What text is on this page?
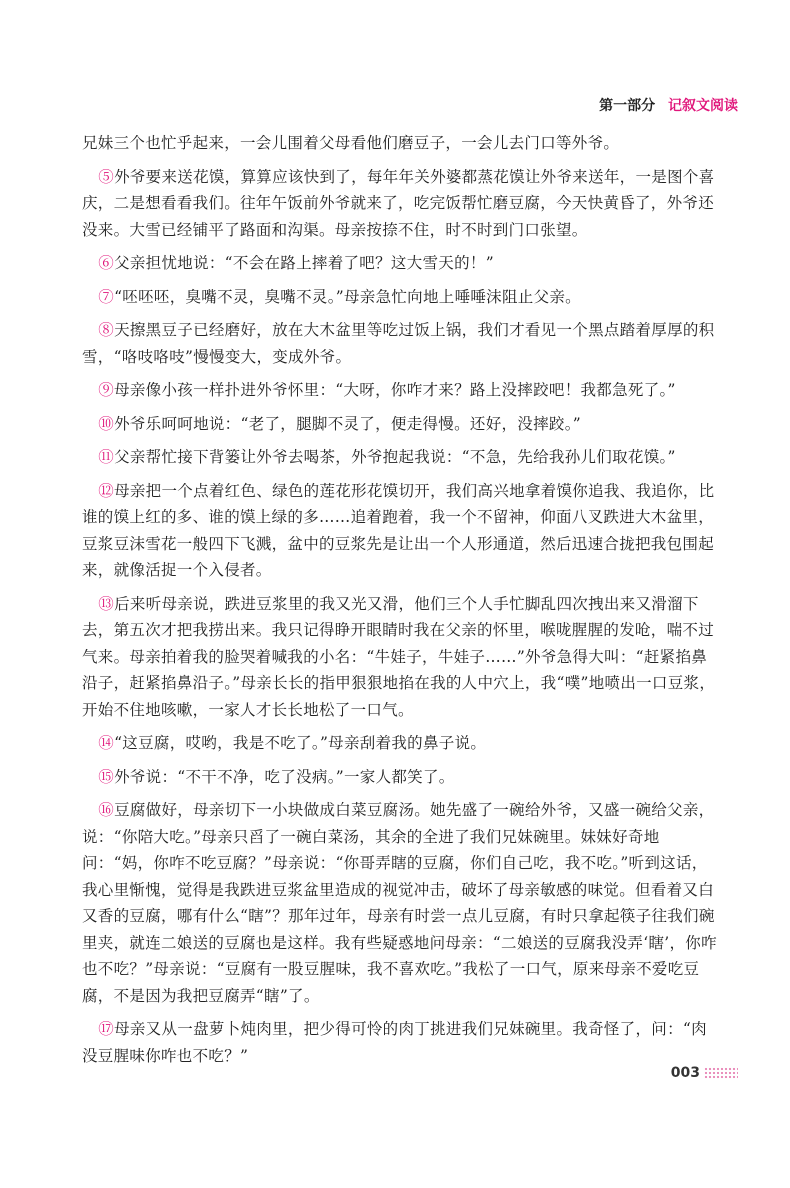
第一部分 记叙文阅读

兄妹三个也忙乎起来，一会儿围着父母看他们磨豆子，一会儿去门口等外爷。

⑤外爷要来送花馍，算算应该快到了，每年年关外婆都蒸花馍让外爷来送年，一是图个喜庆，二是想看看我们。往年午饭前外爷就来了，吃完饭帮忙磨豆腐，今天快黄昏了，外爷还没来。大雪已经铺平了路面和沟渠。母亲按捺不住，时不时到门口张望。

⑥父亲担忧地说：“不会在路上摔着了吧？这大雪天的！”

⑦“呸呸呸，臭嘴不灵，臭嘴不灵。”母亲急忙向地上唾唾沫阻止父亲。

⑧天擦黑豆子已经磨好，放在大木盆里等吃过饭上锅，我们才看见一个黑点踏着厚厚的积雪，“咯吱咯吱”慢慢变大，变成外爷。

⑨母亲像小孩一样扑进外爷怀里：“大呀，你咋才来？路上没摔跤吧！我都急死了。”

⑩外爷乐呵呵地说：“老了，腿脚不灵了，便走得慢。还好，没摔跤。”

⑪父亲帮忙接下背篓让外爷去喝茶，外爷抱起我说：“不急，先给我孙儿们取花馍。”

⑫母亲把一个点着红色、绿色的莲花形花馍切开，我们高兴地拿着馍你追我、我追你，比谁的馍上红的多、谁的馍上绿的多……追着跑着，我一个不留神，仰面八叉跌进大木盆里，豆浆豆沫雪花一般四下飞溅，盆中的豆浆先是让出一个人形通道，然后迅速合拢把我包围起来，就像活捉一个入侵者。

⑬后来听母亲说，跌进豆浆里的我又光又滑，他们三个人手忙脚乱四次拽出来又滑溜下去，第五次才把我捞出来。我只记得睁开眼睛时我在父亲的怀里，喉咙腥腥的发呛，喘不过气来。母亲拍着我的脸哭着喊我的小名：“牛娃子，牛娃子……”外爷急得大叫：“赶紧掐鼻沿子，赶紧掐鼻沿子。”母亲长长的指甲狠狠地掐在我的人中穴上，我“噗”地喷出一口豆浆，开始不住地咳嗽，一家人才长长地松了一口气。

⑭“这豆腐，哎哟，我是不吃了。”母亲刮着我的鼻子说。

⑮外爷说：“不干不净，吃了没病。”一家人都笑了。

⑯豆腐做好，母亲切下一小块做成白菜豆腐汤。她先盛了一碗给外爷，又盛一碗给父亲，说：“你陪大吃。”母亲只舀了一碗白菜汤，其余的全进了我们兄妹碗里。妹妹好奇地问：“妈，你咋不吃豆腐？”母亲说：“你哥弄瞎的豆腐，你们自己吃，我不吃。”听到这话，我心里惭愧，觉得是我跌进豆浆盆里造成的视觉冲击，破坏了母亲敏感的味觉。但看着又白又香的豆腐，哪有什么“瞎”？那年过年，母亲有时尝一点儿豆腐，有时只拿起筷子往我们碗里夹，就连二娘送的豆腐也是这样。我有些疑惑地问母亲：“二娘送的豆腐我没弄‘瞎’，你咋也不吃？”母亲说：“豆腐有一股豆腥味，我不喜欢吃。”我松了一口气，原来母亲不爱吃豆腐，不是因为我把豆腐弄“瞎”了。

⑰母亲又从一盘萝卜炖肉里，把少得可怜的肉丁挑进我们兄妹碗里。我奇怪了，问：“肉没豆腥味你咋也不吃？”

003
